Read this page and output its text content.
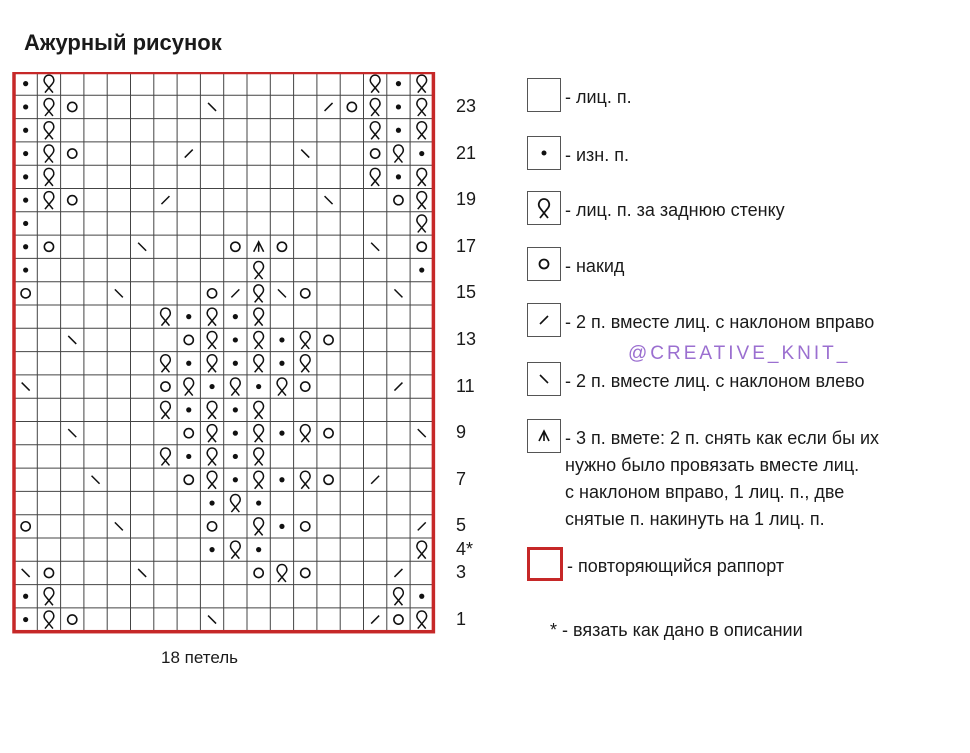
Ажурный рисунок
23
21
19
17
15
13
11
9
7
5
4*
3
1
18 петель
- лиц. п.
- изн. п.
- лиц. п. за заднюю стенку
- накид
- 2 п. вместе лиц. с наклоном вправо
@CREATIVE_KNIT_
- 2 п. вместе лиц. с наклоном влево
- 3 п. вмете: 2 п. снять как если бы их
нужно было провязать вместе лиц.
с наклоном вправо, 1 лиц. п., две
снятые п. накинуть на 1 лиц. п.
- повторяющийся раппорт
* - вязать как дано в описании
